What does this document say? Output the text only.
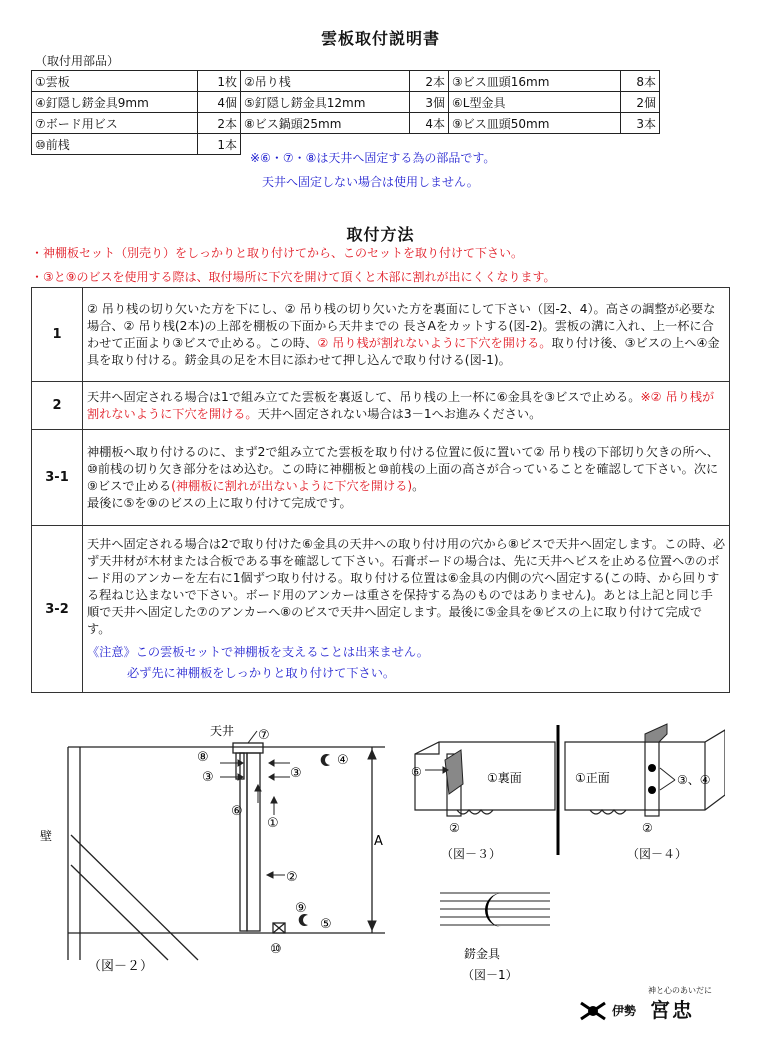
雲板取付説明書
（取付用部品）
①雲板	1枚	②吊り桟	2本	③ビス皿頭16mm	8本
④釘隠し錺金具9mm	4個	⑤釘隠し錺金具12mm	3個	⑥L型金具	2個
⑦ボード用ビス	2本	⑧ビス鍋頭25mm	4本	⑨ビス皿頭50mm	3本
⑩前桟	1本				
※⑥・⑦・⑧は天井へ固定する為の部品です。
天井へ固定しない場合は使用しません。
取付方法
・神棚板セット（別売り）をしっかりと取り付けてから、このセットを取り付けて下さい。
・③と⑨のビスを使用する際は、取付場所に下穴を開けて頂くと木部に割れが出にくくなります。
1	② 吊り桟の切り欠いた方を下にし、② 吊り桟の切り欠いた方を裏面にして下さい（図-2、4）。高さの調整が必要な場合、② 吊り桟(2本)の上部を棚板の下面から天井までの 長さAをカットする(図-2)。雲板の溝に入れ、上一杯に合わせて正面より③ビスで止める。この時、② 吊り桟が割れないように下穴を開ける。取り付け後、③ビスの上へ④金具を取り付ける。錺金具の足を木目に添わせて押し込んで取り付ける(図-1)。
2	天井へ固定される場合は1で組み立てた雲板を裏返して、吊り桟の上一杯に⑥金具を③ビスで止める。※② 吊り桟が割れないように下穴を開ける。天井へ固定されない場合は3－1へお進みください。
3-1	神棚板へ取り付けるのに、まず2で組み立てた雲板を取り付ける位置に仮に置いて② 吊り桟の下部切り欠きの所へ、⑩前桟の切り欠き部分をはめ込む。この時に神棚板と⑩前桟の上面の高さが合っていることを確認して下さい。次に⑨ビスで止める(神棚板に割れが出ないように下穴を開ける)。
最後に⑤を⑨のビスの上に取り付けて完成です。
3-2	天井へ固定される場合は2で取り付けた⑥金具の天井への取り付け用の穴から⑧ビスで天井へ固定します。この時、必ず天井材が木材または合板である事を確認して下さい。石膏ボードの場合は、先に天井へビスを止める位置へ⑦のボード用のアンカーを左右に1個ずつ取り付ける。取り付ける位置は⑥金具の内側の穴へ固定する(この時、から回りする程ねじ込まないで下さい。ボード用のアンカーは重さを保持する為のものではありません)。あとは上記と同じ手順で天井へ固定した⑦のアンカーへ⑧のビスで天井へ固定します。最後に⑤金具を⑨ビスの上に取り付けて完成です。
《注意》この雲板セットで神棚板を支えることは出来ません。
必ず先に神棚板をしっかりと取り付けて下さい。
天井
壁	A
⑦
⑧
③	③
④
⑥
①
②
⑨
⑤
⑩
（図－２）
⑥	①裏面
②
①正面	③、④
②
（図－３）	（図－４）
錺金具
（図－1）
神と心のあいだに
伊勢 宮忠
